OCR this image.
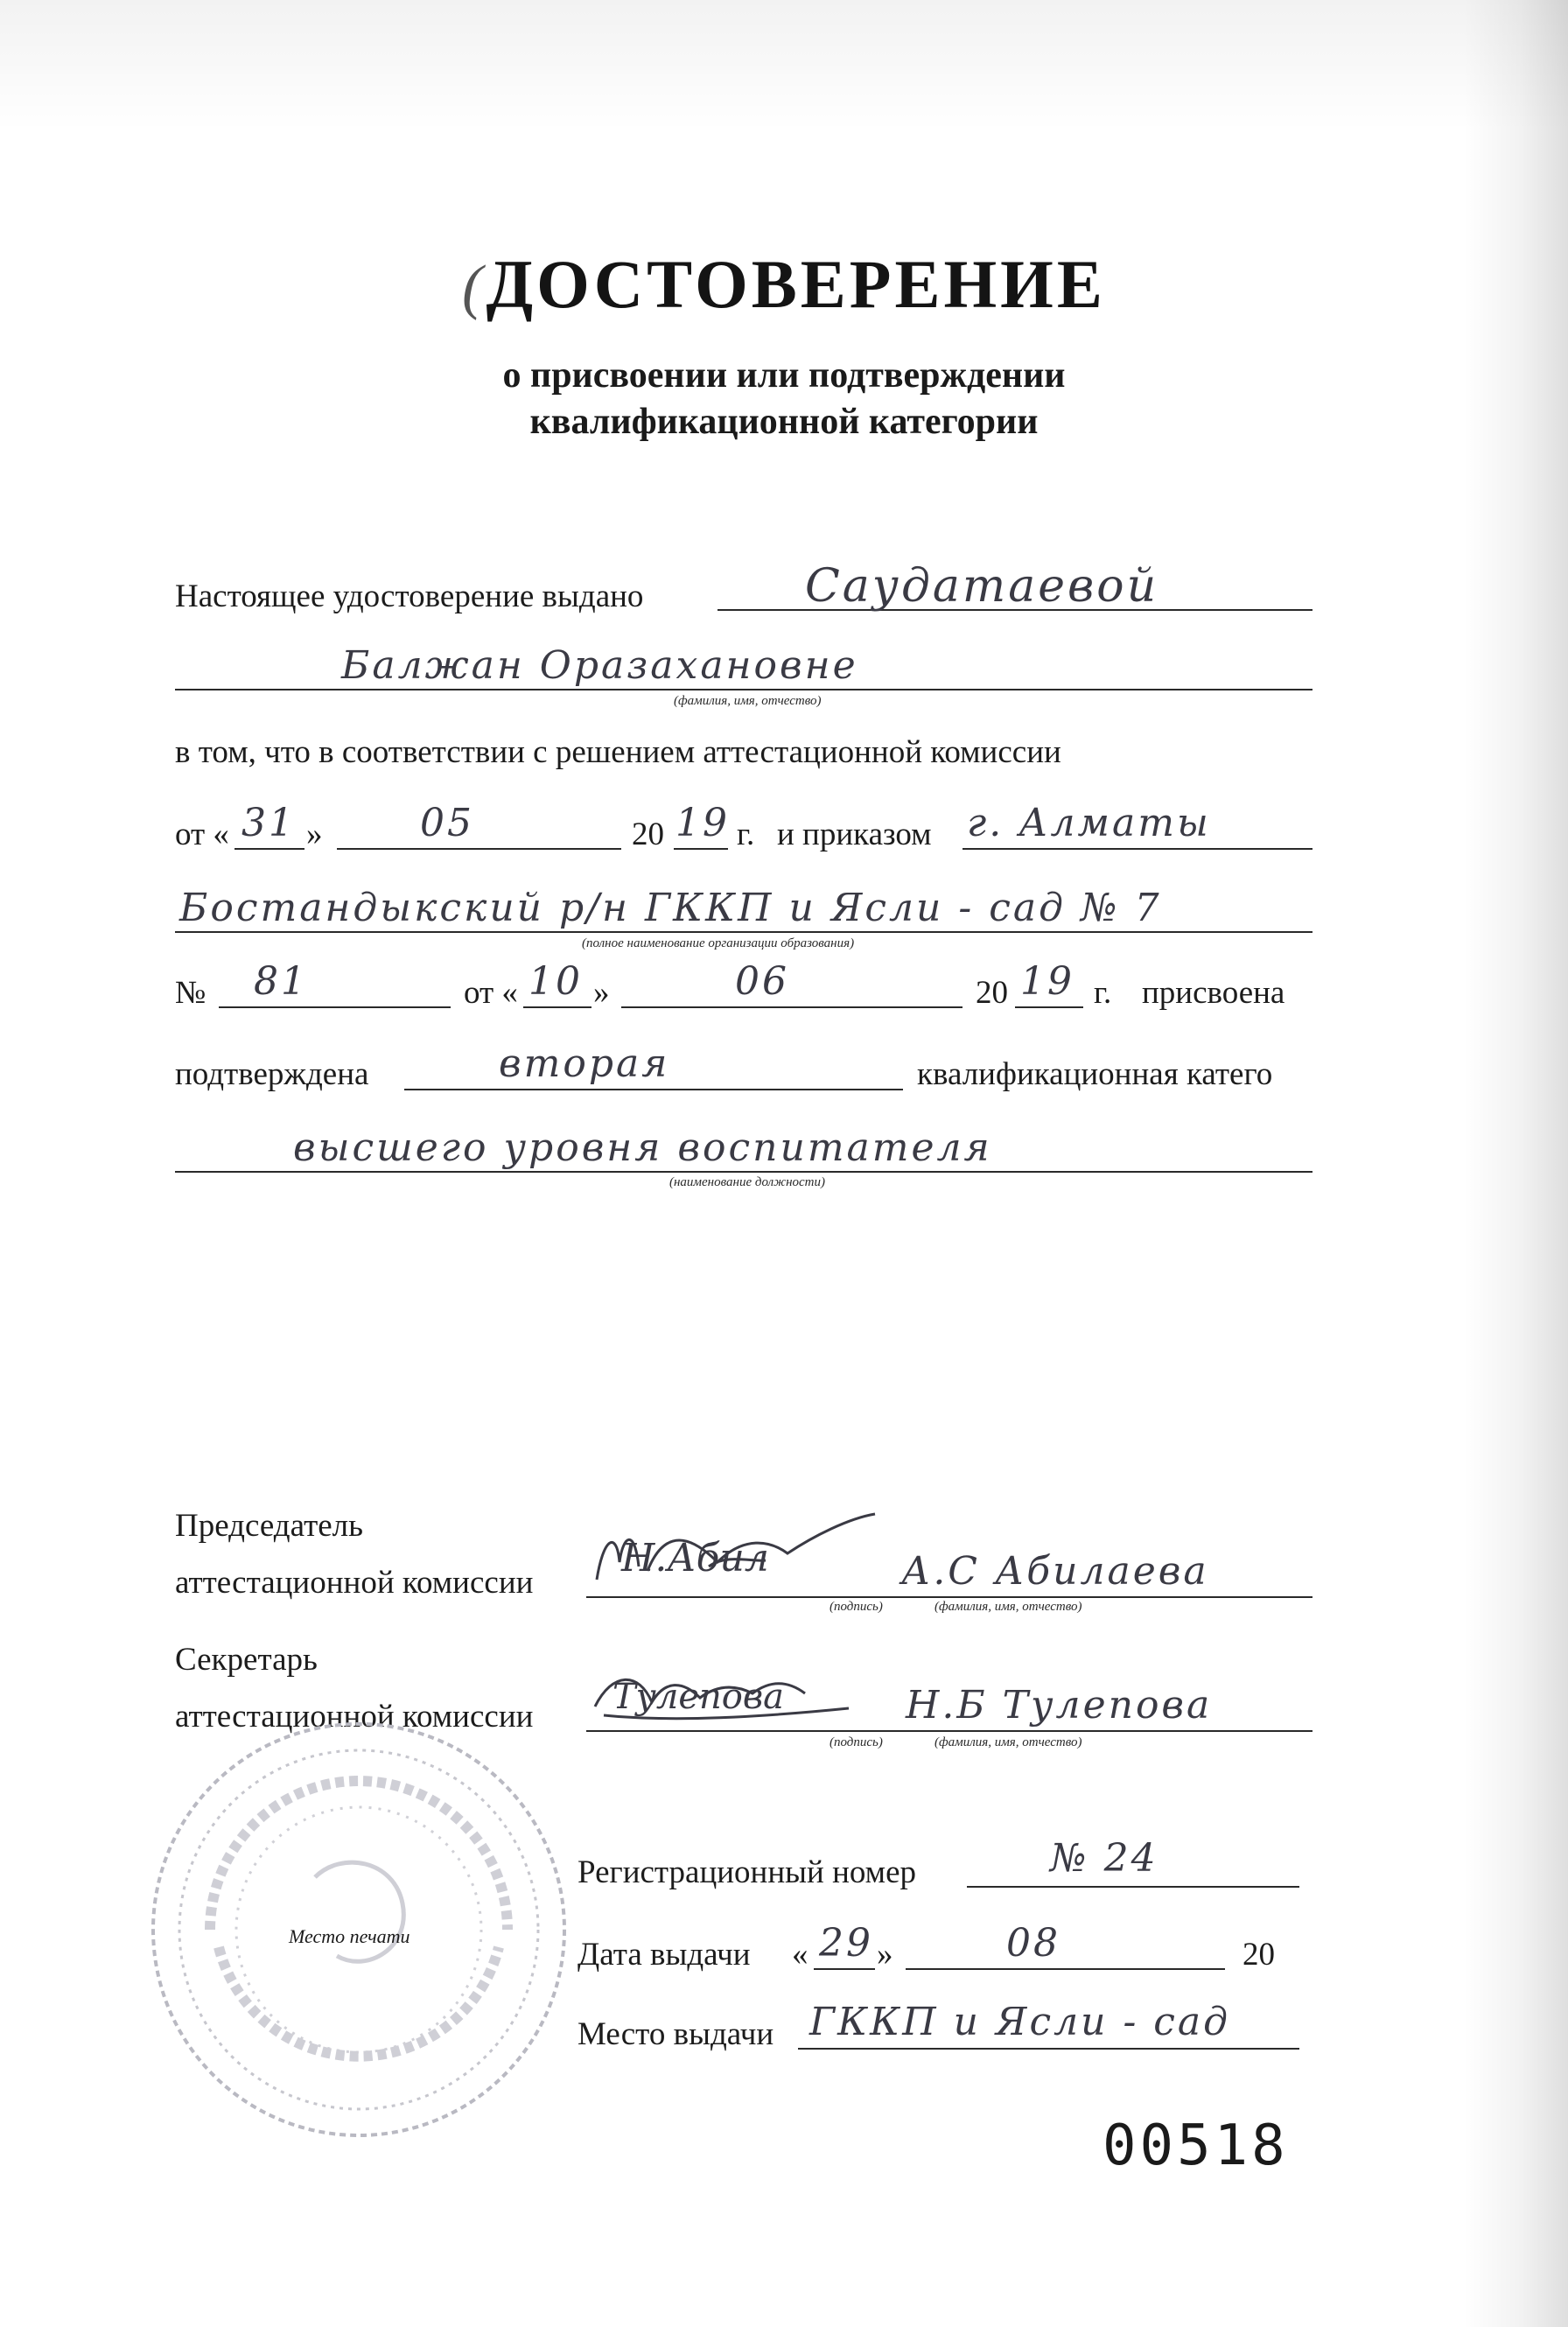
(ДОСТОВЕРЕНИЕ
о присвоении или подтверждении
квалификационной категории
Настоящее удостоверение выдано	Саудатаевой
Балжан Оразахановне
(фамилия, имя, отчество)
в том, что в соответствии с решением аттестационной комиссии
от « 31 »	05	20 19 г. и приказом г. Алматы
Бостандыкский р/н ГККП и Ясли - сад № 7
(полное наименование организации образования)
№ 81	от « 10 »	06	20 19 г. присвоена
подтверждена	вторая	квалификационная катего
высшего уровня воспитателя
(наименование должности)
Председатель
аттестационной комиссии
Н.Абил	А.С Абилаева
(подпись)	(фамилия, имя, отчество)
Секретарь
аттестационной комиссии Тулепова	Н.Б Тулепова
(подпись)	(фамилия, имя, отчество)
Место печати
Регистрационный номер	№ 24
Дата выдачи « 29 »	08	20
Место выдачи ГККП и Ясли - сад
00518
